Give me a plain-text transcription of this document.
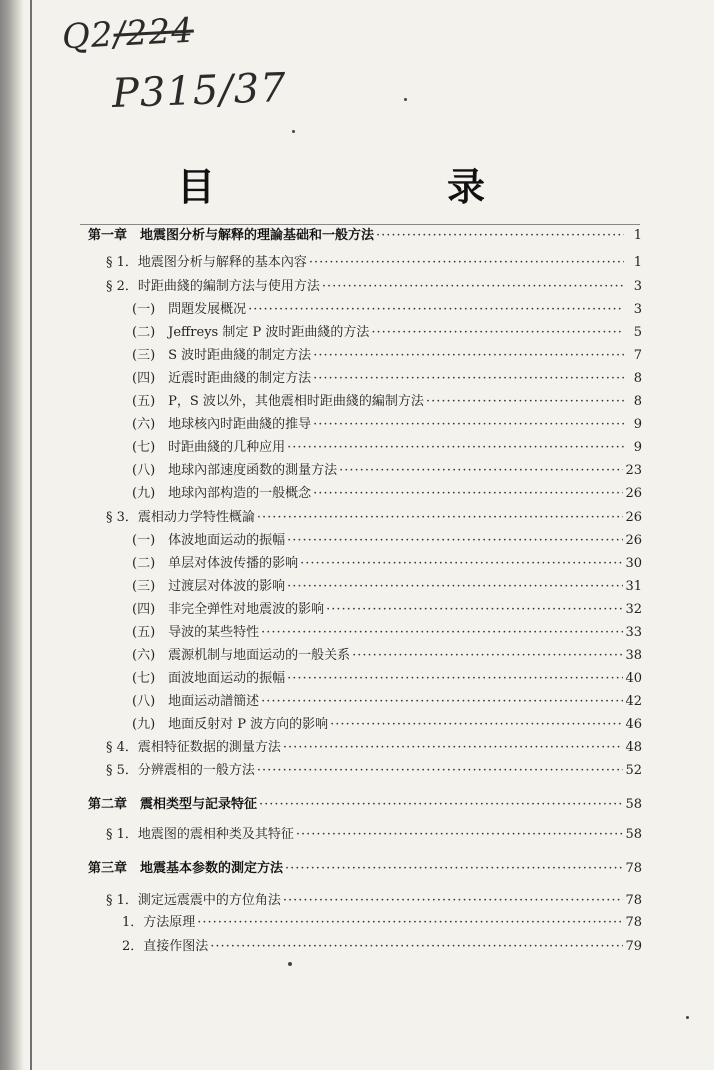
Q2/224
P315/37
目　　录
第一章　地震图分析与解释的理論基础和一般方法 ·····	1
§ 1．地震图分析与解释的基本內容 ·····	1
§ 2．时距曲綫的編制方法与使用方法 ·····	3
(一)　問題发展概况 ·····	3
(二)　Jeffreys 制定 P 波时距曲綫的方法 ·····	5
(三)　S 波时距曲綫的制定方法 ·····	7
(四)　近震时距曲綫的制定方法 ·····	8
(五)　P，S 波以外，其他震相时距曲綫的編制方法 ·····	8
(六)　地球核內时距曲綫的推导 ·····	9
(七)　时距曲綫的几种应用 ·····	9
(八)　地球內部速度函数的測量方法 ·····	23
(九)　地球內部构造的一般概念 ·····	26
§ 3．震相动力学特性概論 ·····	26
(一)　体波地面运动的振幅 ·····	26
(二)　单层对体波传播的影响 ·····	30
(三)　过渡层对体波的影响 ·····	31
(四)　非完全弹性对地震波的影响 ·····	32
(五)　导波的某些特性 ·····	33
(六)　震源机制与地面运动的一般关系 ·····	38
(七)　面波地面运动的振幅 ·····	40
(八)　地面运动譜簡述 ·····	42
(九)　地面反射对 P 波方向的影响 ·····	46
§ 4．震相特征数据的測量方法 ·····	48
§ 5．分辨震相的一般方法 ·····	52
第二章　震相类型与記录特征 ·····	58
§ 1．地震图的震相种类及其特征 ·····	58
第三章　地震基本参数的測定方法 ·····	78
§ 1．測定远震震中的方位角法 ·····	78
1．方法原理 ·····	78
2．直接作图法 ·····	79
